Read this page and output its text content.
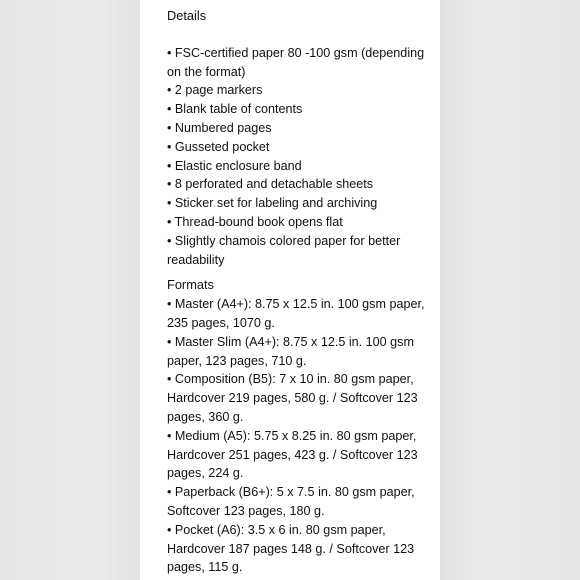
Details
• FSC-certified paper 80 -100 gsm (depending on the format)
• 2 page markers
• Blank table of contents
• Numbered pages
• Gusseted pocket
• Elastic enclosure band
• 8 perforated and detachable sheets
• Sticker set for labeling and archiving
• Thread-bound book opens flat
• Slightly chamois colored paper for better readability
Formats
• Master (A4+): 8.75 x 12.5 in. 100 gsm paper, 235 pages, 1070 g.
• Master Slim (A4+): 8.75 x 12.5 in. 100 gsm paper, 123 pages, 710 g.
• Composition (B5): 7 x 10 in. 80 gsm paper, Hardcover 219 pages, 580 g. / Softcover 123 pages, 360 g.
• Medium (A5): 5.75 x 8.25 in. 80 gsm paper, Hardcover 251 pages, 423 g. / Softcover 123 pages, 224 g.
• Paperback (B6+): 5 x 7.5 in. 80 gsm paper, Softcover 123 pages, 180 g.
• Pocket (A6): 3.5 x 6 in. 80 gsm paper, Hardcover 187 pages 148 g. / Softcover 123 pages, 115 g.
